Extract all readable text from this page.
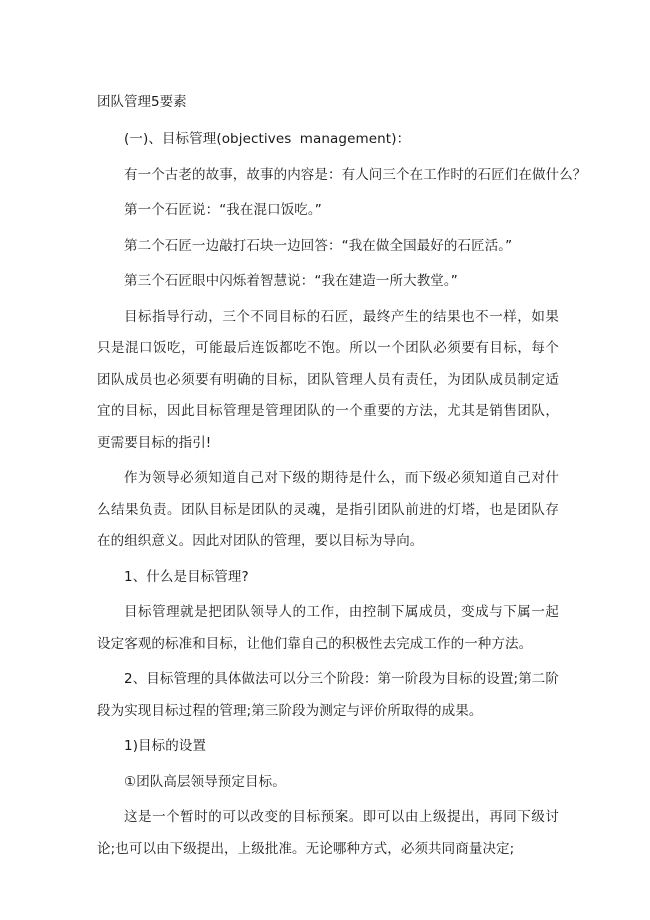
团队管理5要素
(一)、目标管理(objectives management)：
有一个古老的故事，故事的内容是：有人问三个在工作时的石匠们在做什么？
第一个石匠说：“我在混口饭吃。”
第二个石匠一边敲打石块一边回答：“我在做全国最好的石匠活。”
第三个石匠眼中闪烁着智慧说：“我在建造一所大教堂。”
目标指导行动，三个不同目标的石匠，最终产生的结果也不一样，如果只是混口饭吃，可能最后连饭都吃不饱。所以一个团队必须要有目标，每个团队成员也必须要有明确的目标，团队管理人员有责任，为团队成员制定适宜的目标，因此目标管理是管理团队的一个重要的方法，尤其是销售团队，更需要目标的指引!
作为领导必须知道自己对下级的期待是什么，而下级必须知道自己对什么结果负责。团队目标是团队的灵魂，是指引团队前进的灯塔，也是团队存在的组织意义。因此对团队的管理，要以目标为导向。
1、什么是目标管理?
目标管理就是把团队领导人的工作，由控制下属成员，变成与下属一起设定客观的标准和目标，让他们靠自己的积极性去完成工作的一种方法。
2、目标管理的具体做法可以分三个阶段：第一阶段为目标的设置;第二阶段为实现目标过程的管理;第三阶段为测定与评价所取得的成果。
1)目标的设置
①团队高层领导预定目标。
这是一个暂时的可以改变的目标预案。即可以由上级提出，再同下级讨论;也可以由下级提出，上级批准。无论哪种方式，必须共同商量决定;
